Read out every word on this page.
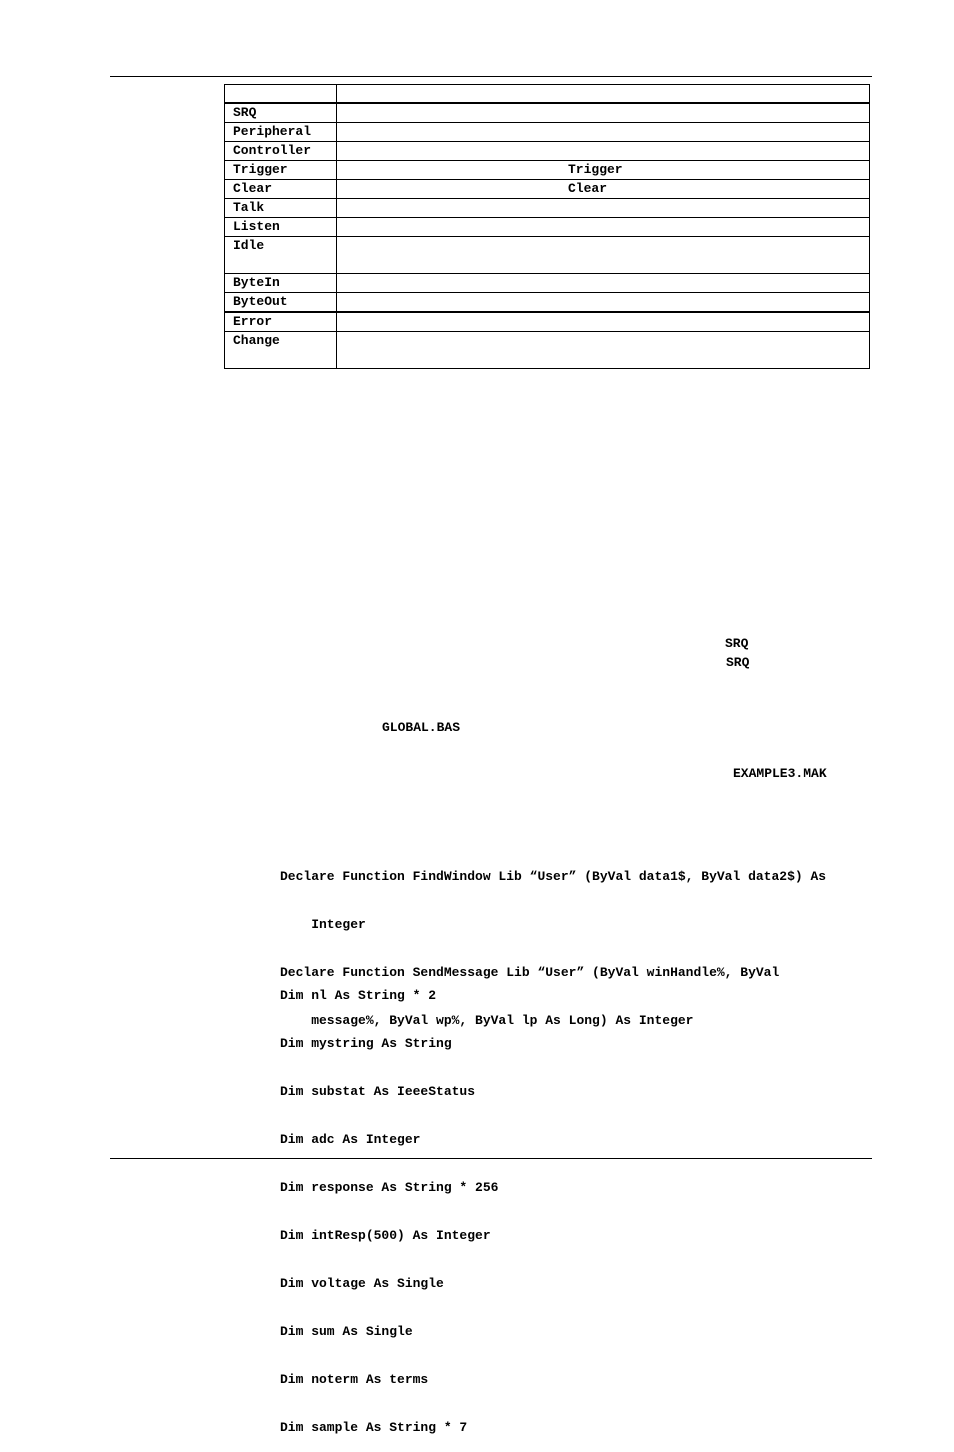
SRQ	
Peripheral	
Controller	
Trigger	Trigger
Clear	Clear
Talk	
Listen	
Idle	
ByteIn	
ByteOut	
Error	
Change	
SRQ
SRQ
GLOBAL.BAS
EXAMPLE3.MAK

Declare Function FindWindow Lib “User” (ByVal data1$, ByVal data2$) As

Integer

Declare Function SendMessage Lib “User” (ByVal winHandle%, ByVal

message%, ByVal wp%, ByVal lp As Long) As Integer

Dim nl As String * 2

Dim mystring As String

Dim substat As IeeeStatus

Dim adc As Integer

Dim response As String * 256

Dim intResp(500) As Integer

Dim voltage As Single

Dim sum As Single

Dim noterm As terms

Dim sample As String * 7
